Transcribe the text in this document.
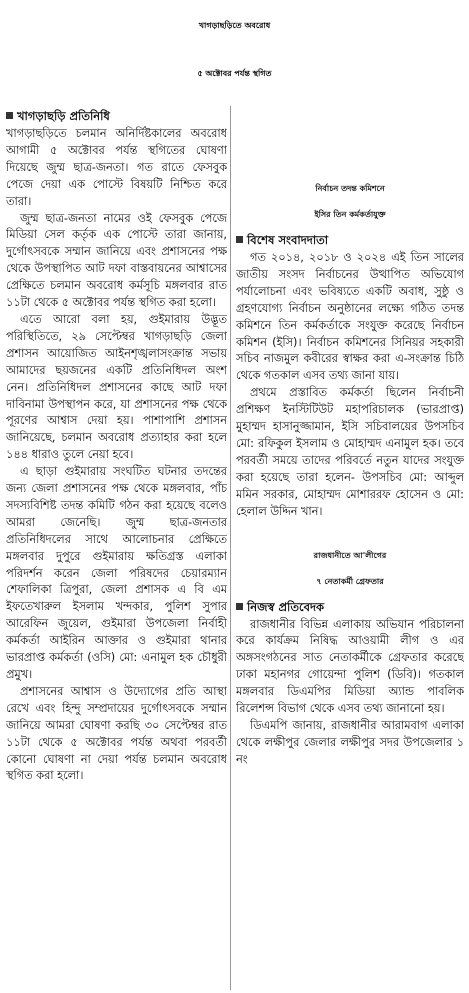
খাগড়াছড়িতে অবরোধ
৫ অক্টোবর পর্যন্ত স্থগিত
খাগড়াছড়ি প্রতিনিধি

খাগড়াছড়িতে চলমান অনির্দিষ্টকালের অবরোধ আগামী ৫ অক্টোবর পর্যন্ত স্থগিতের ঘোষণা দিয়েছে জুম্ম ছাত্র-জনতা। গত রাতে ফেসবুক পেজে দেয়া এক পোস্টে বিষয়টি নিশ্চিত করে তারা।

জুম্ম ছাত্র-জনতা নামের ওই ফেসবুক পেজে মিডিয়া সেল কর্তৃক এক পোস্টে তারা জানায়, দুর্গোৎসবকে সম্মান জানিয়ে এবং প্রশাসনের পক্ষ থেকে উপস্থাপিত আট দফা বাস্তবায়নের আশ্বাসের প্রেক্ষিতে চলমান অবরোধ কর্মসূচি মঙ্গলবার রাত ১১টা থেকে ৫ অক্টোবর পর্যন্ত স্থগিত করা হলো।

এতে আরো বলা হয়, গুইমারায় উদ্ভূত পরিস্থিতিতে, ২৯ সেপ্টেম্বর খাগড়াছড়ি জেলা প্রশাসন আয়োজিত আইনশৃঙ্খলাসংক্রান্ত সভায় আমাদের ছয়জনের একটি প্রতিনিধিদল অংশ নেন। প্রতিনিধিদল প্রশাসনের কাছে আট দফা দাবিনামা উপস্থাপন করে, যা প্রশাসনের পক্ষ থেকে পূরণের আশ্বাস দেয়া হয়। পাশাপাশি প্রশাসন জানিয়েছে, চলমান অবরোধ প্রত্যাহার করা হলে ১৪৪ ধারাও তুলে নেয়া হবে।

এ ছাড়া গুইমারায় সংঘটিত ঘটনার তদন্তের জন্য জেলা প্রশাসনের পক্ষ থেকে মঙ্গলবার, পাঁচ সদস্যবিশিষ্ট তদন্ত কমিটি গঠন করা হয়েছে বলেও আমরা জেনেছি। জুম্ম ছাত্র-জনতার প্রতিনিধিদলের সাথে আলোচনার প্রেক্ষিতে মঙ্গলবার দুপুরে গুইমারায় ক্ষতিগ্রস্ত এলাকা পরিদর্শন করেন জেলা পরিষদের চেয়ারম্যান শেফালিকা ত্রিপুরা, জেলা প্রশাসক এ বি এম ইফতেখারুল ইসলাম খন্দকার, পুলিশ সুপার আরেফিন জুয়েল, গুইমারা উপজেলা নির্বাহী কর্মকর্তা আইরিন আক্তার ও গুইমারা থানার ভারপ্রাপ্ত কর্মকর্তা (ওসি) মো: এনামুল হক চৌধুরী প্রমুখ।

প্রশাসনের আশ্বাস ও উদ্যোগের প্রতি আস্থা রেখে এবং হিন্দু সম্প্রদায়ের দুর্গোৎসবকে সম্মান জানিয়ে আমরা ঘোষণা করছি ৩০ সেপ্টেম্বর রাত ১১টা থেকে ৫ অক্টোবর পর্যন্ত অথবা পরবর্তী কোনো ঘোষণা না দেয়া পর্যন্ত চলমান অবরোধ স্থগিত করা হলো।

নির্বাচন তদন্ত কমিশনে

ইসির তিন কর্মকর্তাযুক্ত

বিশেষ সংবাদদাতা

গত ২০১৪, ২০১৮ ও ২০২৪ এই তিন সালের জাতীয় সংসদ নির্বাচনের উত্থাপিত অভিযোগ পর্যালোচনা এবং ভবিষ্যতে একটি অবাধ, সুষ্ঠু ও গ্রহণযোগ্য নির্বাচন অনুষ্ঠানের লক্ষ্যে গঠিত তদন্ত কমিশনে তিন কর্মকর্তাকে সংযুক্ত করেছে নির্বাচন কমিশন (ইসি)। নির্বাচন কমিশনের সিনিয়র সহকারী সচিব নাজমুল কবীরের স্বাক্ষর করা এ-সংক্রান্ত চিঠি থেকে গতকাল এসব তথ্য জানা যায়।

প্রথমে প্রস্তাবিত কর্মকর্তা ছিলেন নির্বাচনী প্রশিক্ষণ ইনস্টিটিউট মহাপরিচালক (ভারপ্রাপ্ত) মুহাম্মদ হাসানুজ্জামান, ইসি সচিবালয়ের উপসচিব মো: রফিকুল ইসলাম ও মোহাম্মদ এনামুল হক। তবে পরবর্তী সময়ে তাদের পরিবর্তে নতুন যাদের সংযুক্ত করা হয়েছে তারা হলেন- উপসচিব মো: আব্দুল মমিন সরকার, মোহাম্মদ মোশাররফ হোসেন ও মো: হেলাল উদ্দিন খান।

রাজধানীতে আ'লীগের

৭ নেতাকর্মী গ্রেফতার

নিজস্ব প্রতিবেদক

রাজধানীর বিভিন্ন এলাকায় অভিযান পরিচালনা করে কার্যক্রম নিষিদ্ধ আওয়ামী লীগ ও এর অঙ্গসংগঠনের সাত নেতাকর্মীকে গ্রেফতার করেছে ঢাকা মহানগর গোয়েন্দা পুলিশ (ডিবি)। গতকাল মঙ্গলবার ডিএমপির মিডিয়া অ্যান্ড পাবলিক রিলেশন্স বিভাগ থেকে এসব তথ্য জানানো হয়।

ডিএমপি জানায়, রাজধানীর আরামবাগ এলাকা থেকে লক্ষীপুর জেলার লক্ষীপুর সদর উপজেলার ১ নং
